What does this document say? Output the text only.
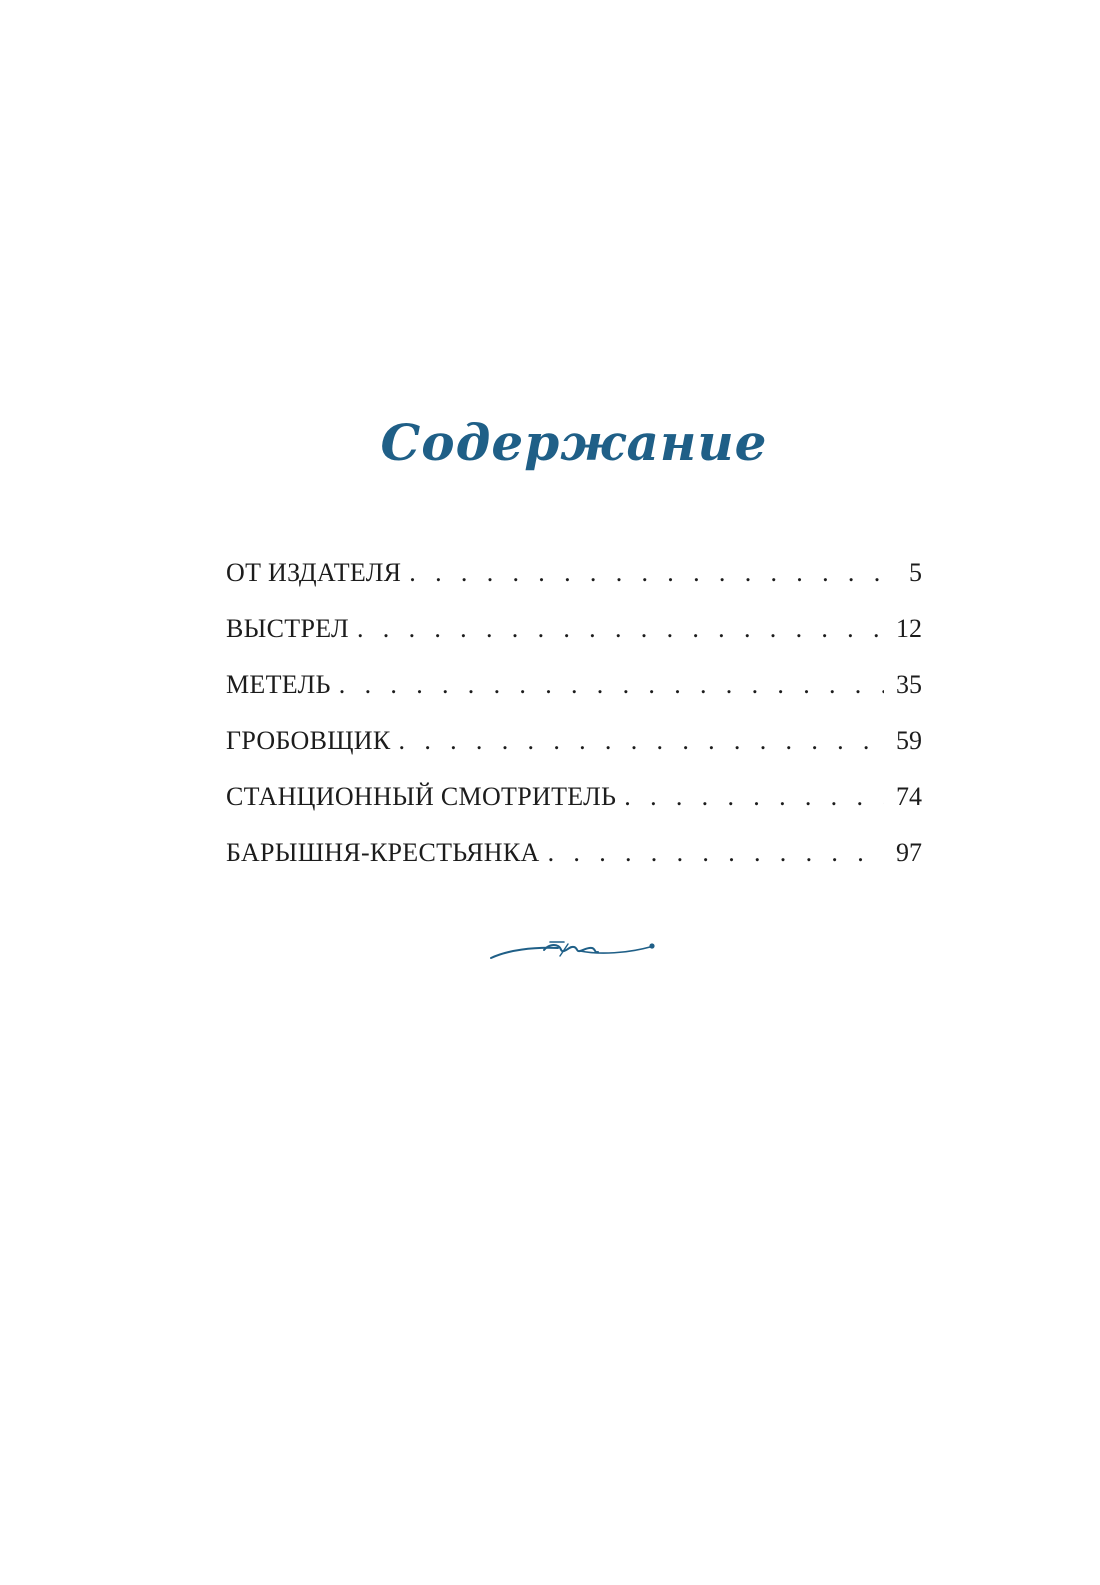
Содержание
ОТ ИЗДАТЕЛЯ . . .	5
ВЫСТРЕЛ . . .	12
МЕТЕЛЬ . . .	35
ГРОБОВЩИК . . .	59
СТАНЦИОННЫЙ СМОТРИТЕЛЬ . . .	74
БАРЫШНЯ-КРЕСТЬЯНКА . . .	97
